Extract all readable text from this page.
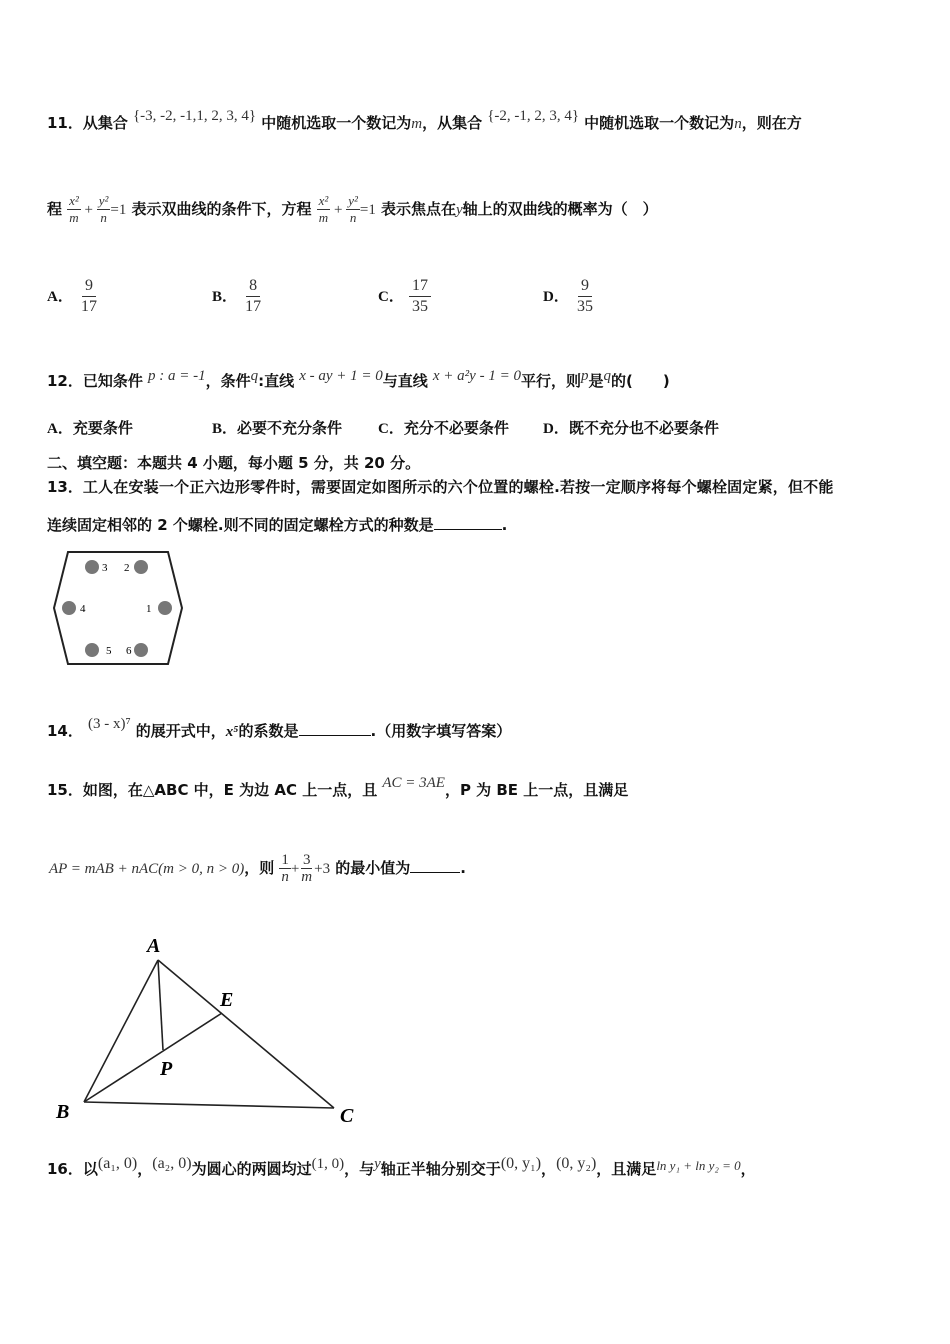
11．从集合 {-3, -2, -1,1, 2, 3, 4} 中随机选取一个数记为m，从集合 {-2, -1, 2, 3, 4} 中随机选取一个数记为n，则在方
程 $\frac{\text{x²}}{m} + \frac{\text{y²}}{n} =1$ 表示双曲线的条件下，方程 $\frac{\text{x²}}{m} + \frac{\text{y²}}{n} =1$ 表示焦点在y轴上的双曲线的概率为（　）
A． $\frac{9}{17}$	B． $\frac{8}{17}$	C． $\frac{17}{35}$	D． $\frac{9}{35}$
12．已知条件 p : a = -1，条件q:直线 x - ay + 1 = 0与直线 x + a²y - 1 = 0平行，则p是q的(　　)
A．充要条件	B．必要不充分条件 C．充分不必要条件 D．既不充分也不必要条件
二、填空题：本题共 4 小题，每小题 5 分，共 20 分。
13．工人在安装一个正六边形零件时，需要固定如图所示的六个位置的螺栓.若按一定顺序将每个螺栓固定紧，但不能
连续固定相邻的 2 个螺栓.则不同的固定螺栓方式的种数是	.
3 2
4	1
5 6
14． (3 - x)⁷ 的展开式中，x⁵的系数是	.（用数字填写答案）
15．如图，在△ABC 中，E 为边 AC 上一点，且 AC = 3AE，P 为 BE 上一点，且满足
AP = mAB + nAC(m > 0, n > 0)，则 $\frac{1}{n} + \frac{3}{m} +3$ 的最小值为	.
A
B	C
E
P
16．以(a₁, 0)，(a₂, 0)为圆心的两圆均过(1, 0)，与y轴正半轴分别交于(0, y₁)，(0, y₂)，且满足$^{ln y_1 + ln y_2 = 0}$，
